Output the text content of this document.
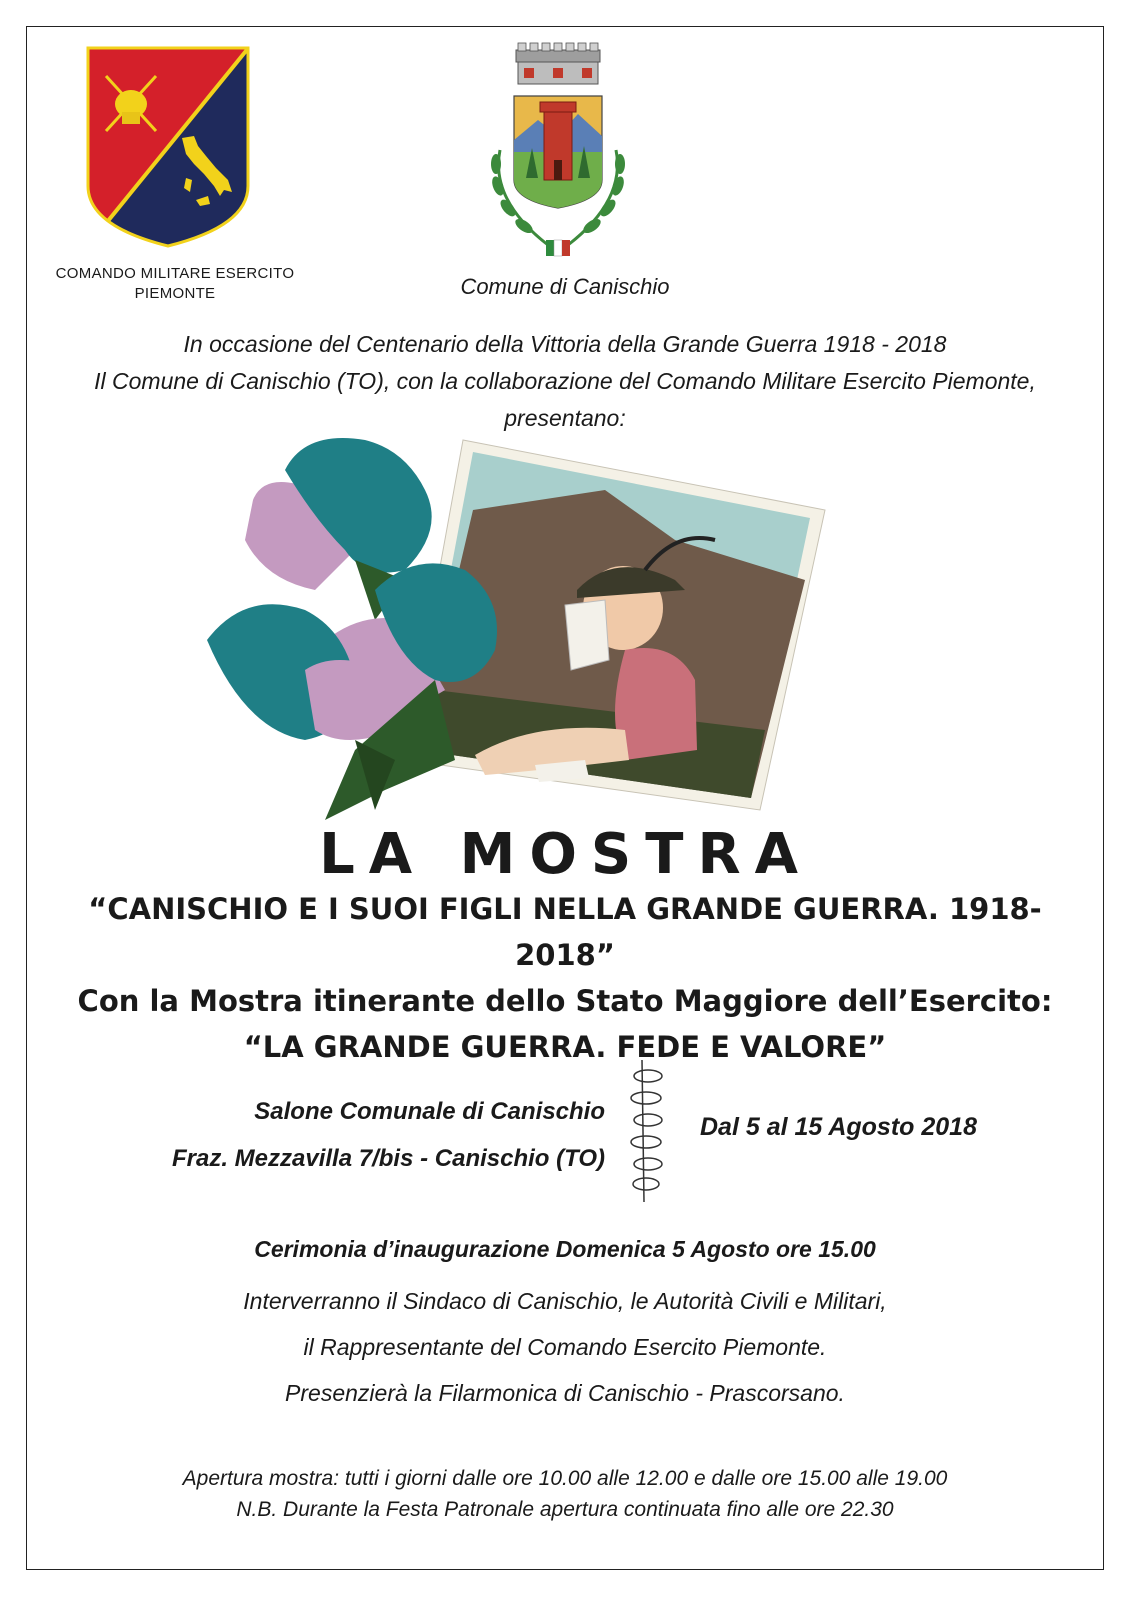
COMANDO MILITARE ESERCITO
PIEMONTE	Comune di Canischio
In occasione del Centenario della Vittoria della Grande Guerra 1918 - 2018
Il Comune di Canischio (TO), con la collaborazione del Comando Militare Esercito Piemonte,
presentano:
LA MOSTRA
“CANISCHIO E I SUOI FIGLI NELLA GRANDE GUERRA. 1918-2018”
Con la Mostra itinerante dello Stato Maggiore dell’Esercito:
“LA GRANDE GUERRA. FEDE E VALORE”
Salone Comunale di Canischio
Fraz. Mezzavilla 7/bis - Canischio (TO)
Dal 5 al 15 Agosto 2018
Cerimonia d’inaugurazione Domenica 5 Agosto ore 15.00
Interverranno il Sindaco di Canischio, le Autorità Civili e Militari,
il Rappresentante del Comando Esercito Piemonte.
Presenzierà la Filarmonica di Canischio - Prascorsano.
Apertura mostra: tutti i giorni dalle ore 10.00 alle 12.00 e dalle ore 15.00 alle 19.00
N.B. Durante la Festa Patronale apertura continuata fino alle ore 22.30
